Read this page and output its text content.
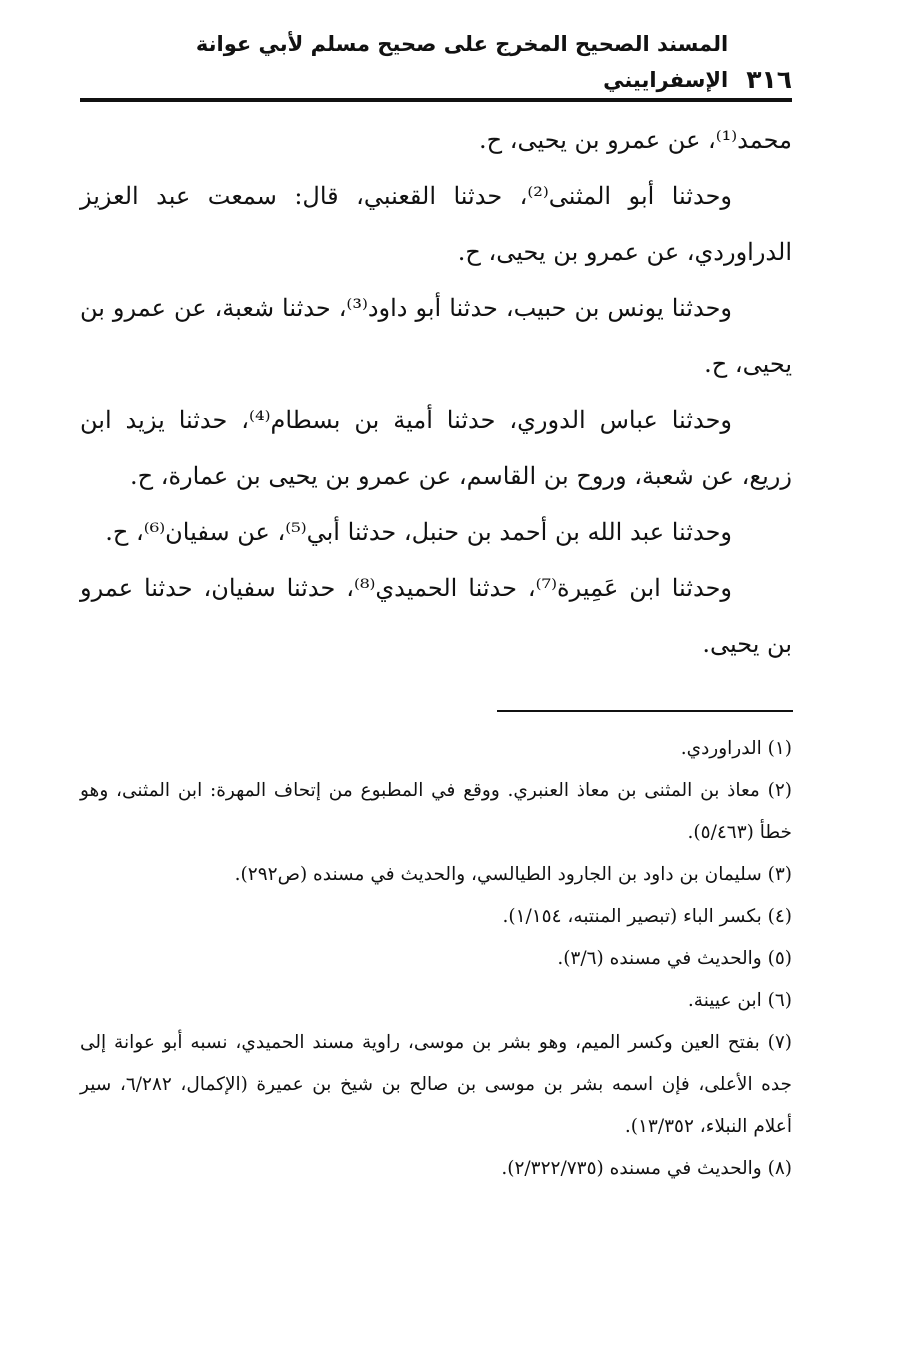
٣١٦
المسند الصحيح المخرج على صحيح مسلم لأبي عوانة الإسفراييني

محمد⁽¹⁾، عن عمرو بن يحيى، ح.

وحدثنا أبو المثنى⁽²⁾، حدثنا القعنبي، قال: سمعت عبد العزيز الدراوردي، عن عمرو بن يحيى، ح.

وحدثنا يونس بن حبيب، حدثنا أبو داود⁽³⁾، حدثنا شعبة، عن عمرو بن يحيى، ح.

وحدثنا عباس الدوري، حدثنا أمية بن بسطام⁽⁴⁾، حدثنا يزيد ابن زريع، عن شعبة، وروح بن القاسم، عن عمرو بن يحيى بن عمارة، ح.

وحدثنا عبد الله بن أحمد بن حنبل، حدثنا أبي⁽⁵⁾، عن سفيان⁽⁶⁾، ح.

وحدثنا ابن عَمِيرة⁽⁷⁾، حدثنا الحميدي⁽⁸⁾، حدثنا سفيان، حدثنا عمرو بن يحيى.

(١) الدراوردي.

(٢) معاذ بن المثنى بن معاذ العنبري. ووقع في المطبوع من إتحاف المهرة: ابن المثنى، وهو خطأ (٥/٤٦٣).

(٣) سليمان بن داود بن الجارود الطيالسي، والحديث في مسنده (ص٢٩٢).

(٤) بكسر الباء (تبصير المنتبه، ١/١٥٤).

(٥) والحديث في مسنده (٣/٦).

(٦) ابن عيينة.

(٧) بفتح العين وكسر الميم، وهو بشر بن موسى، راوية مسند الحميدي، نسبه أبو عوانة إلى جده الأعلى، فإن اسمه بشر بن موسى بن صالح بن شيخ بن عميرة (الإكمال، ٦/٢٨٢، سير أعلام النبلاء، ١٣/٣٥٢).

(٨) والحديث في مسنده (٢/٣٢٢/٧٣٥).
